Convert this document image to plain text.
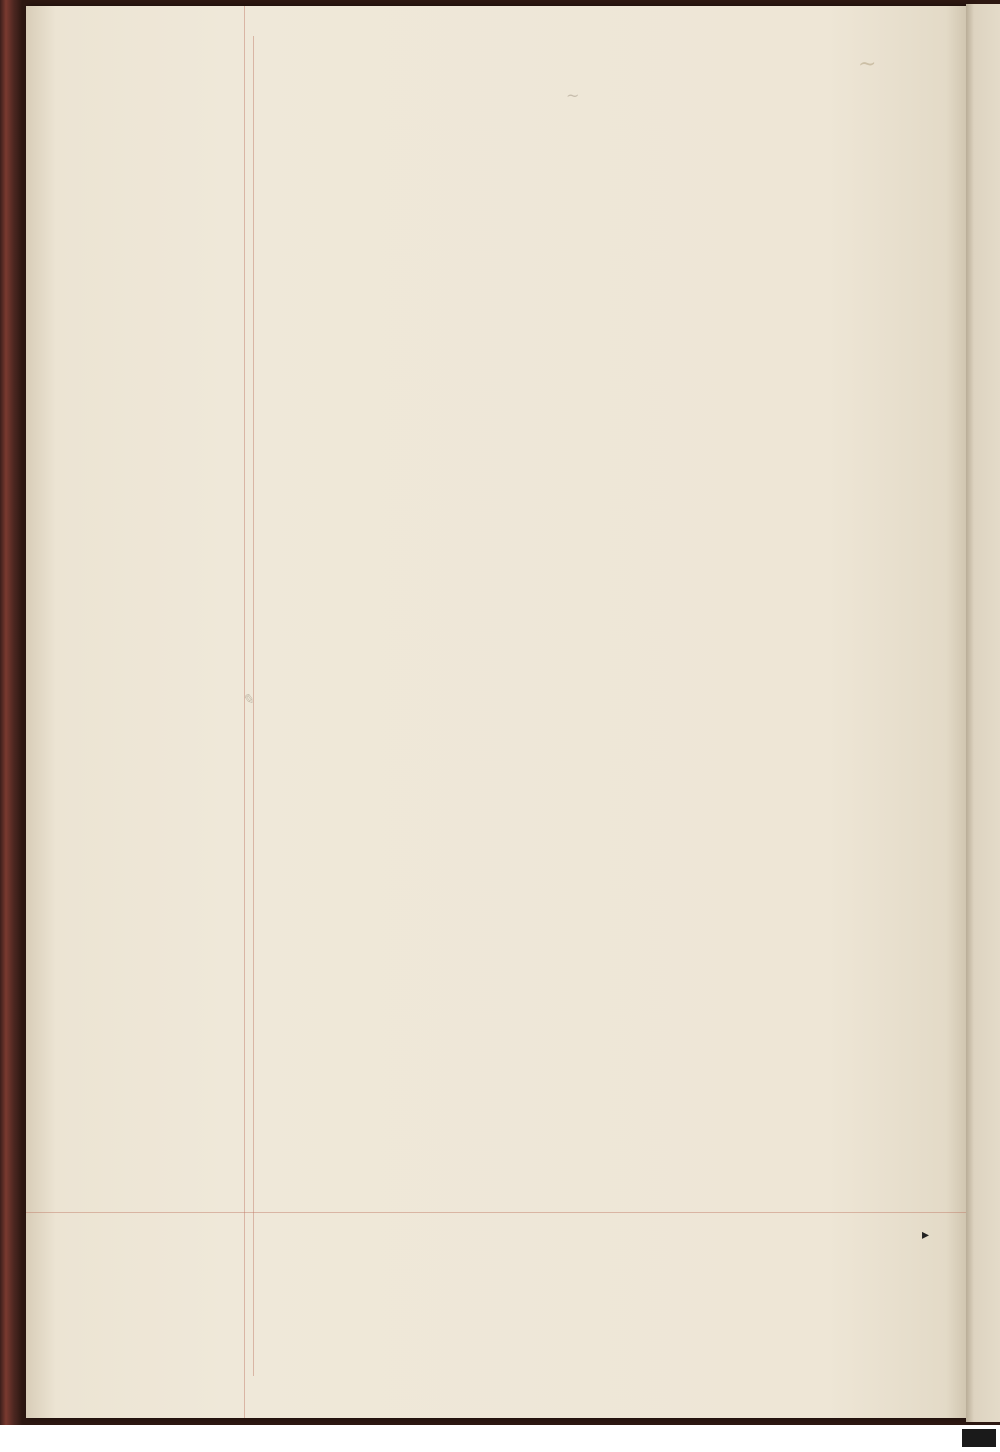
✎
~
~
▸
